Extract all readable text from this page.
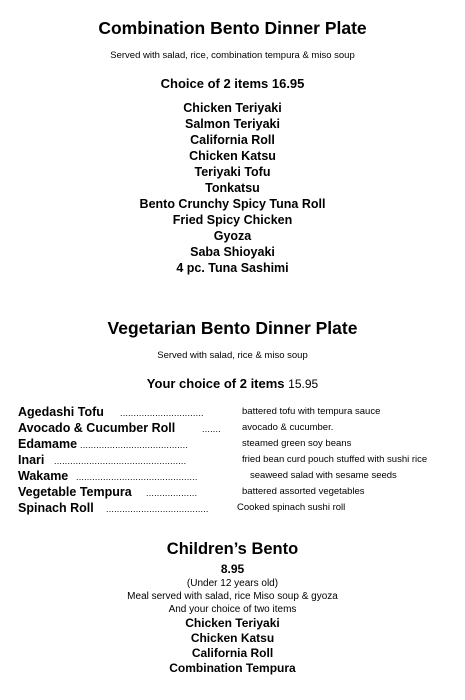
Combination Bento Dinner Plate
Served with salad, rice, combination tempura & miso soup
Choice of 2 items 16.95
Chicken Teriyaki
Salmon Teriyaki
California Roll
Chicken Katsu
Teriyaki Tofu
Tonkatsu
Bento Crunchy Spicy Tuna Roll
Fried Spicy Chicken
Gyoza
Saba Shioyaki
4 pc. Tuna Sashimi
Vegetarian Bento Dinner Plate
Served with salad, rice & miso soup
Your choice of 2 items 15.95
Agedashi Tofu ...............................	battered tofu with tempura sauce
Avocado & Cucumber Roll	.......	avocado & cucumber.
Edamame ........................................	steamed green soy beans
Inari .................................................	fried bean curd pouch stuffed with sushi rice
Wakame .............................................	seaweed salad with sesame seeds
Vegetable Tempura ...................	battered assorted vegetables
Spinach Roll ......................................	Cooked spinach sushi roll
Children’s Bento
8.95
(Under 12 years old)
Meal served with salad, rice Miso soup & gyoza
And your choice of two items
Chicken Teriyaki
Chicken Katsu
California Roll
Combination Tempura
